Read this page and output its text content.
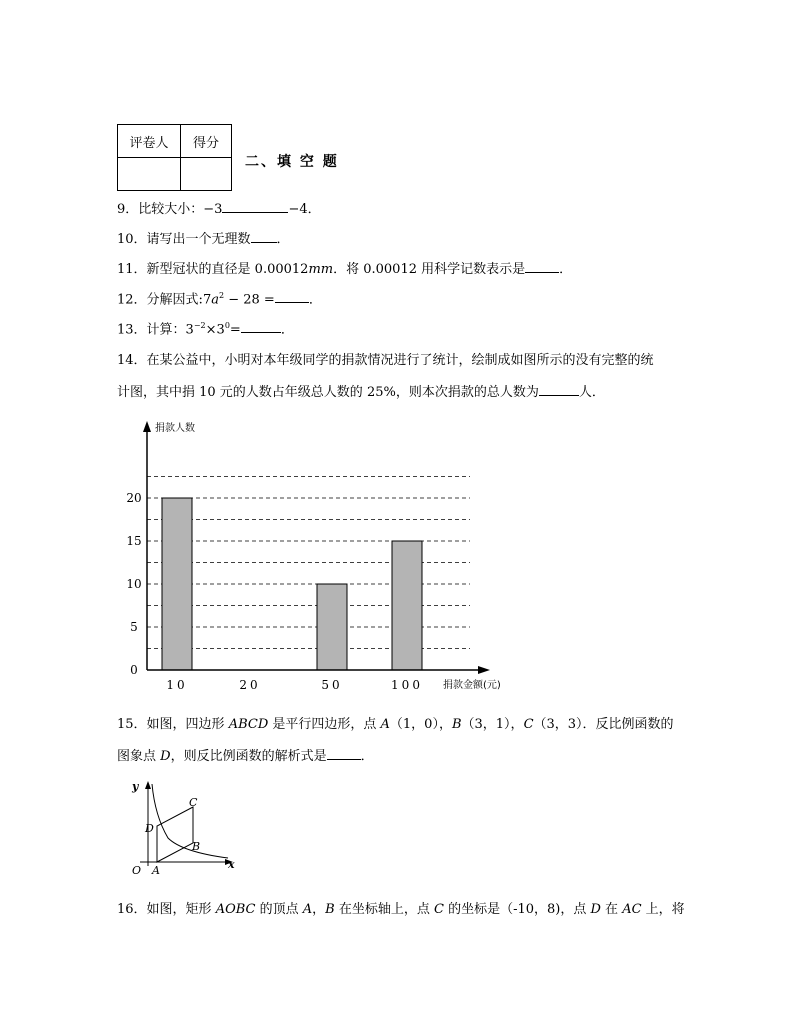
评卷人	得分

二、填 空 题
9．比较大小：−3	−4．
10．请写出一个无理数 ．
11．新型冠状的直径是 0.00012mm．将 0.00012 用科学记数表示是	．
12．分解因式$:7a^2 - 28$ =	．
13．计算：$3^{-2}\times 3^0=$	．
14．在某公益中，小明对本年级同学的捐款情况进行了统计，绘制成如图所示的没有完整的统
计图，其中捐 10 元的人数占年级总人数的 25%，则本次捐款的总人数为	人．
捐款人数
捐款金额(元)
0
5
10
15
20
10	20	50	100
15．如图，四边形 ABCD 是平行四边形，点 A（1，0），B（3，1），C（3，3）．反比例函数的
图象点 D，则反比例函数的解析式是	．
y
x
O A
B
C
D
16．如图，矩形 AOBC 的顶点 A，B 在坐标轴上，点 C 的坐标是（-10，8)，点 D 在 AC 上，将
